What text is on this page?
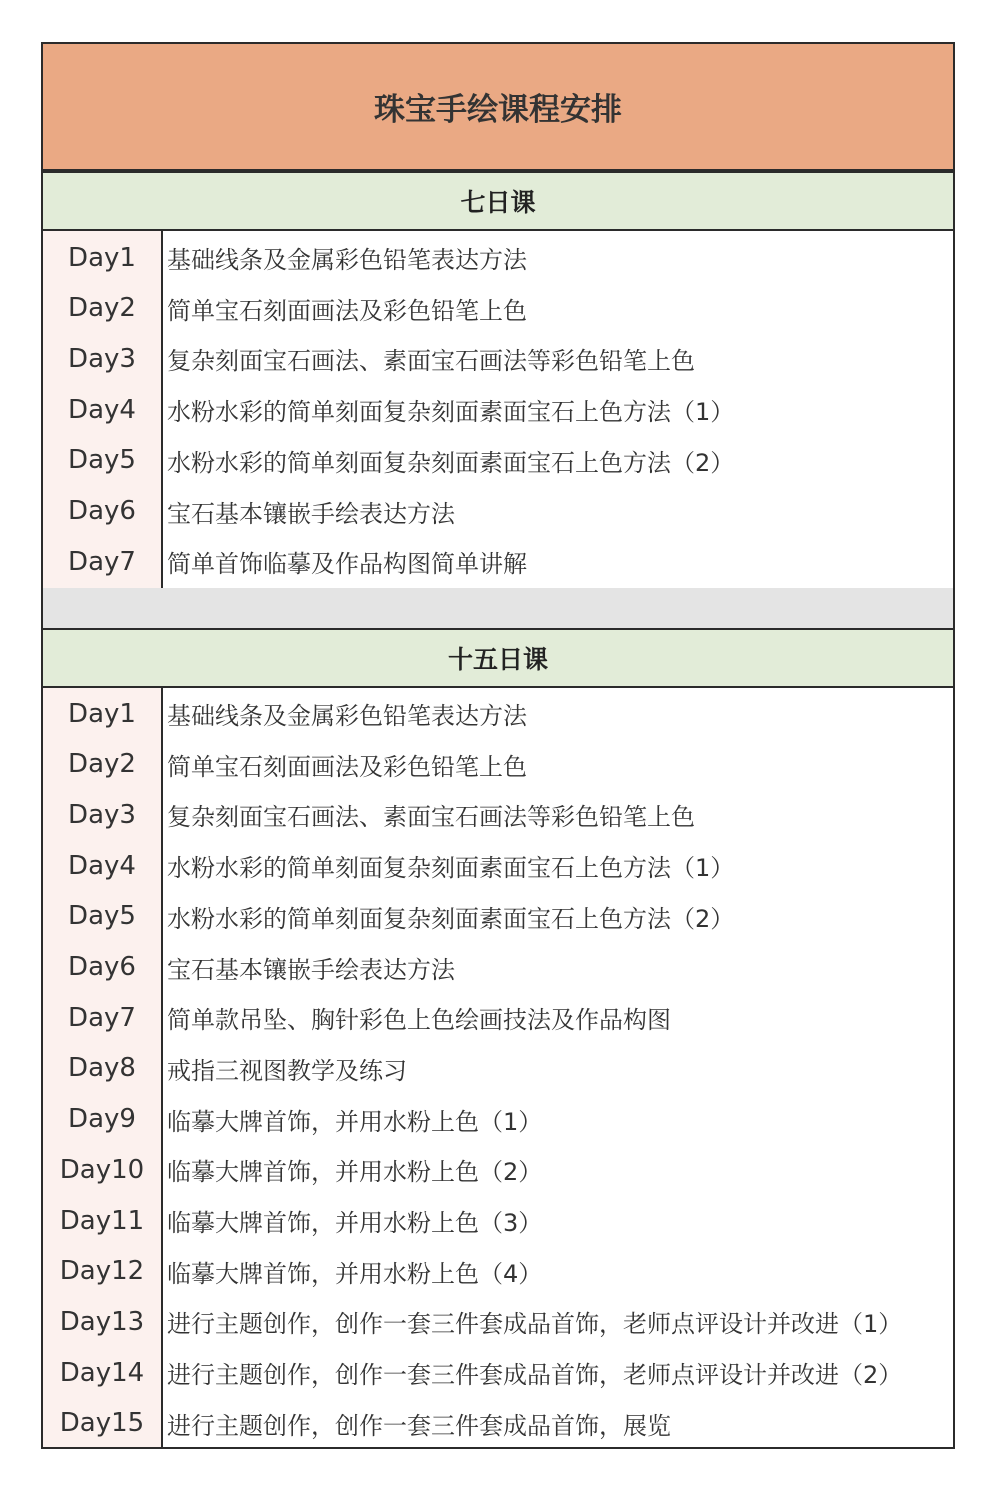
珠宝手绘课程安排
七日课
Day1	基础线条及金属彩色铅笔表达方法
Day2	简单宝石刻面画法及彩色铅笔上色
Day3	复杂刻面宝石画法、素面宝石画法等彩色铅笔上色
Day4	水粉水彩的简单刻面复杂刻面素面宝石上色方法（1）
Day5	水粉水彩的简单刻面复杂刻面素面宝石上色方法（2）
Day6	宝石基本镶嵌手绘表达方法
Day7	简单首饰临摹及作品构图简单讲解
十五日课
Day1	基础线条及金属彩色铅笔表达方法
Day2	简单宝石刻面画法及彩色铅笔上色
Day3	复杂刻面宝石画法、素面宝石画法等彩色铅笔上色
Day4	水粉水彩的简单刻面复杂刻面素面宝石上色方法（1）
Day5	水粉水彩的简单刻面复杂刻面素面宝石上色方法（2）
Day6	宝石基本镶嵌手绘表达方法
Day7	简单款吊坠、胸针彩色上色绘画技法及作品构图
Day8	戒指三视图教学及练习
Day9	临摹大牌首饰，并用水粉上色（1）
Day10 临摹大牌首饰，并用水粉上色（2）
Day11 临摹大牌首饰，并用水粉上色（3）
Day12 临摹大牌首饰，并用水粉上色（4）
Day13 进行主题创作，创作一套三件套成品首饰，老师点评设计并改进（1）
Day14 进行主题创作，创作一套三件套成品首饰，老师点评设计并改进（2）
Day15 进行主题创作，创作一套三件套成品首饰，展览
